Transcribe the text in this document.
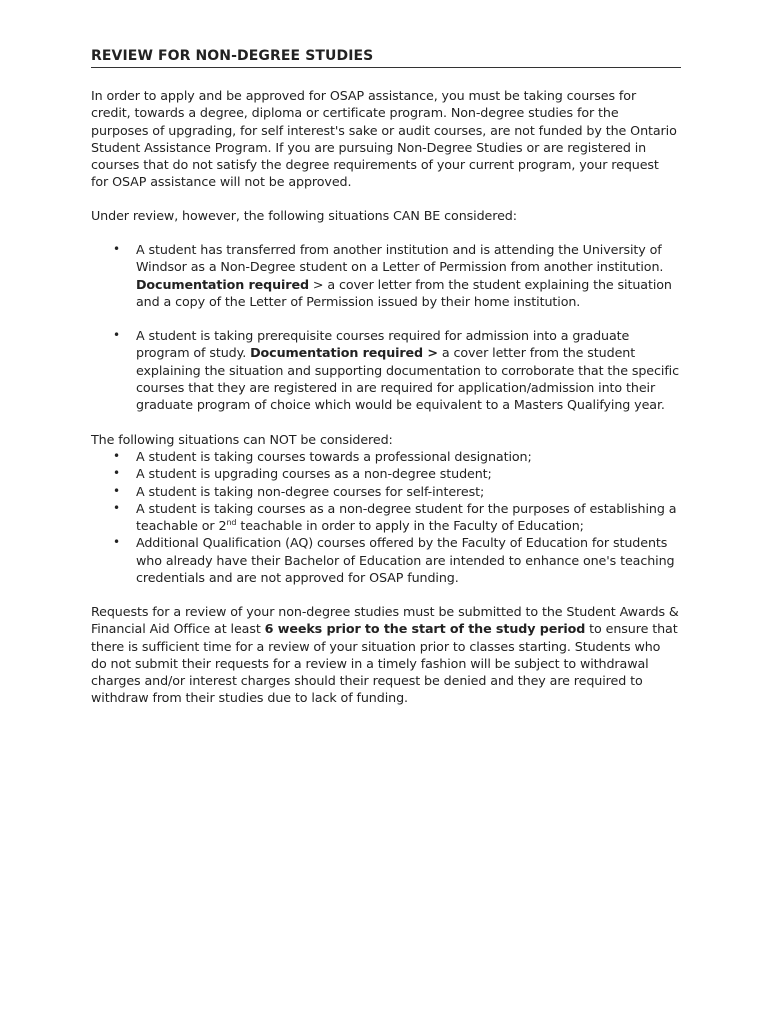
REVIEW FOR NON-DEGREE STUDIES

In order to apply and be approved for OSAP assistance, you must be taking courses for credit, towards a degree, diploma or certificate program. Non-degree studies for the purposes of upgrading, for self interest's sake or audit courses, are not funded by the Ontario Student Assistance Program. If you are pursuing Non-Degree Studies or are registered in courses that do not satisfy the degree requirements of your current program, your request for OSAP assistance will not be approved.

Under review, however, the following situations CAN BE considered:

• A student has transferred from another institution and is attending the University of Windsor as a Non-Degree student on a Letter of Permission from another institution. Documentation required > a cover letter from the student explaining the situation and a copy of the Letter of Permission issued by their home institution.
• A student is taking prerequisite courses required for admission into a graduate program of study. Documentation required > a cover letter from the student explaining the situation and supporting documentation to corroborate that the specific courses that they are registered in are required for application/admission into their graduate program of choice which would be equivalent to a Masters Qualifying year.

The following situations can NOT be considered:

• A student is taking courses towards a professional designation;
• A student is upgrading courses as a non-degree student;
• A student is taking non-degree courses for self-interest;
• A student is taking courses as a non-degree student for the purposes of establishing a teachable or 2nd teachable in order to apply in the Faculty of Education;
• Additional Qualification (AQ) courses offered by the Faculty of Education for students who already have their Bachelor of Education are intended to enhance one's teaching credentials and are not approved for OSAP funding.

Requests for a review of your non-degree studies must be submitted to the Student Awards & Financial Aid Office at least 6 weeks prior to the start of the study period to ensure that there is sufficient time for a review of your situation prior to classes starting. Students who do not submit their requests for a review in a timely fashion will be subject to withdrawal charges and/or interest charges should their request be denied and they are required to withdraw from their studies due to lack of funding.
